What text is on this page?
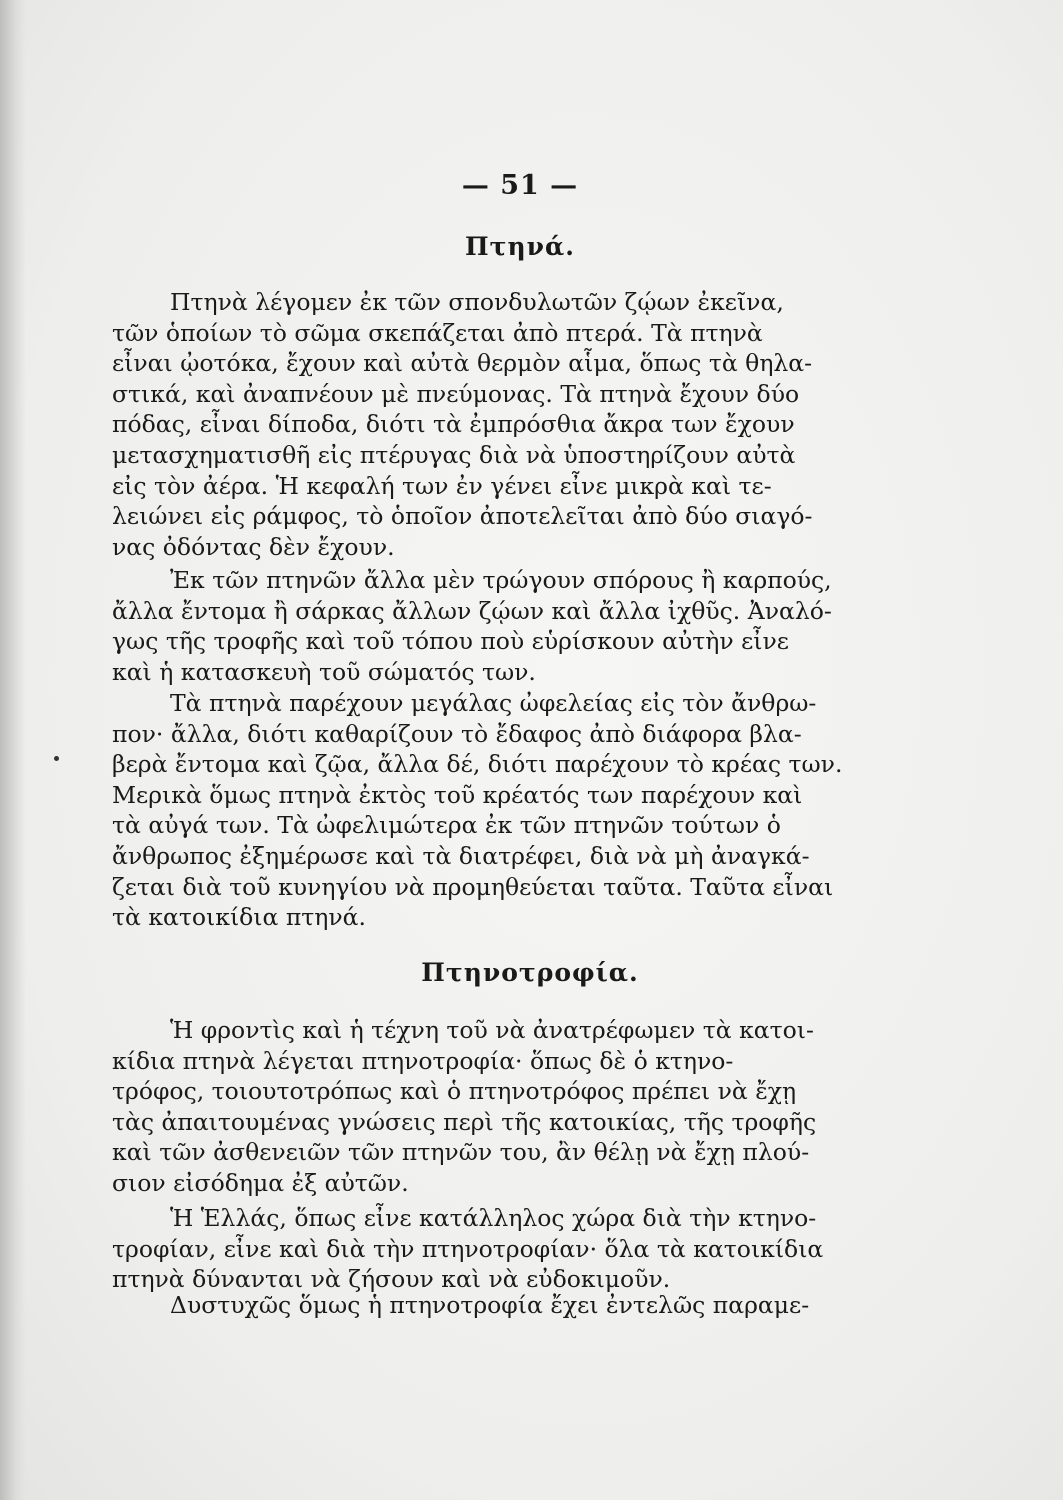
— 51 —
Πτηνά.
Πτηνὰ λέγομεν ἐκ τῶν σπονδυλωτῶν ζῴων ἐκεῖνα,
τῶν ὁποίων τὸ σῶμα σκεπάζεται ἀπὸ πτερά. Τὰ πτηνὰ
εἶναι ᾠοτόκα, ἔχουν καὶ αὐτὰ θερμὸν αἷμα, ὅπως τὰ θηλα-
στικά, καὶ ἀναπνέουν μὲ πνεύμονας. Τὰ πτηνὰ ἔχουν δύο
πόδας, εἶναι δίποδα, διότι τὰ ἐμπρόσθια ἄκρα των ἔχουν
μετασχηματισθῆ εἰς πτέρυγας διὰ νὰ ὑποστηρίζουν αὐτὰ
εἰς τὸν ἀέρα. Ἡ κεφαλή των ἐν γένει εἶνε μικρὰ καὶ τε-
λειώνει εἰς ράμφος, τὸ ὁποῖον ἀποτελεῖται ἀπὸ δύο σιαγό-
νας ὀδόντας δὲν ἔχουν.
Ἐκ τῶν πτηνῶν ἄλλα μὲν τρώγουν σπόρους ἢ καρπούς,
ἄλλα ἔντομα ἢ σάρκας ἄλλων ζῴων καὶ ἄλλα ἰχθῦς. Ἀναλό-
γως τῆς τροφῆς καὶ τοῦ τόπου ποὺ εὑρίσκουν αὐτὴν εἶνε
καὶ ἡ κατασκευὴ τοῦ σώματός των.
Τὰ πτηνὰ παρέχουν μεγάλας ὠφελείας εἰς τὸν ἄνθρω-
πον· ἄλλα, διότι καθαρίζουν τὸ ἔδαφος ἀπὸ διάφορα βλα-
βερὰ ἔντομα καὶ ζῷα, ἄλλα δέ, διότι παρέχουν τὸ κρέας των.
Μερικὰ ὅμως πτηνὰ ἐκτὸς τοῦ κρέατός των παρέχουν καὶ
τὰ αὐγά των. Τὰ ὠφελιμώτερα ἐκ τῶν πτηνῶν τούτων ὁ
ἄνθρωπος ἐξημέρωσε καὶ τὰ διατρέφει, διὰ νὰ μὴ ἀναγκά-
ζεται διὰ τοῦ κυνηγίου νὰ προμηθεύεται ταῦτα. Ταῦτα εἶναι
τὰ κατοικίδια πτηνά.
Πτηνοτροφία.
Ἡ φροντὶς καὶ ἡ τέχνη τοῦ νὰ ἀνατρέφωμεν τὰ κατοι-
κίδια πτηνὰ λέγεται πτηνοτροφία· ὅπως δὲ ὁ κτηνο-
τρόφος, τοιουτοτρόπως καὶ ὁ πτηνοτρόφος πρέπει νὰ ἔχῃ
τὰς ἀπαιτουμένας γνώσεις περὶ τῆς κατοικίας, τῆς τροφῆς
καὶ τῶν ἀσθενειῶν τῶν πτηνῶν του, ἂν θέλῃ νὰ ἔχῃ πλού-
σιον εἰσόδημα ἐξ αὐτῶν.
Ἡ Ἑλλάς, ὅπως εἶνε κατάλληλος χώρα διὰ τὴν κτηνο-
τροφίαν, εἶνε καὶ διὰ τὴν πτηνοτροφίαν· ὅλα τὰ κατοικίδια
πτηνὰ δύνανται νὰ ζήσουν καὶ νὰ εὐδοκιμοῦν.
Δυστυχῶς ὅμως ἡ πτηνοτροφία ἔχει ἐντελῶς παραμε-
